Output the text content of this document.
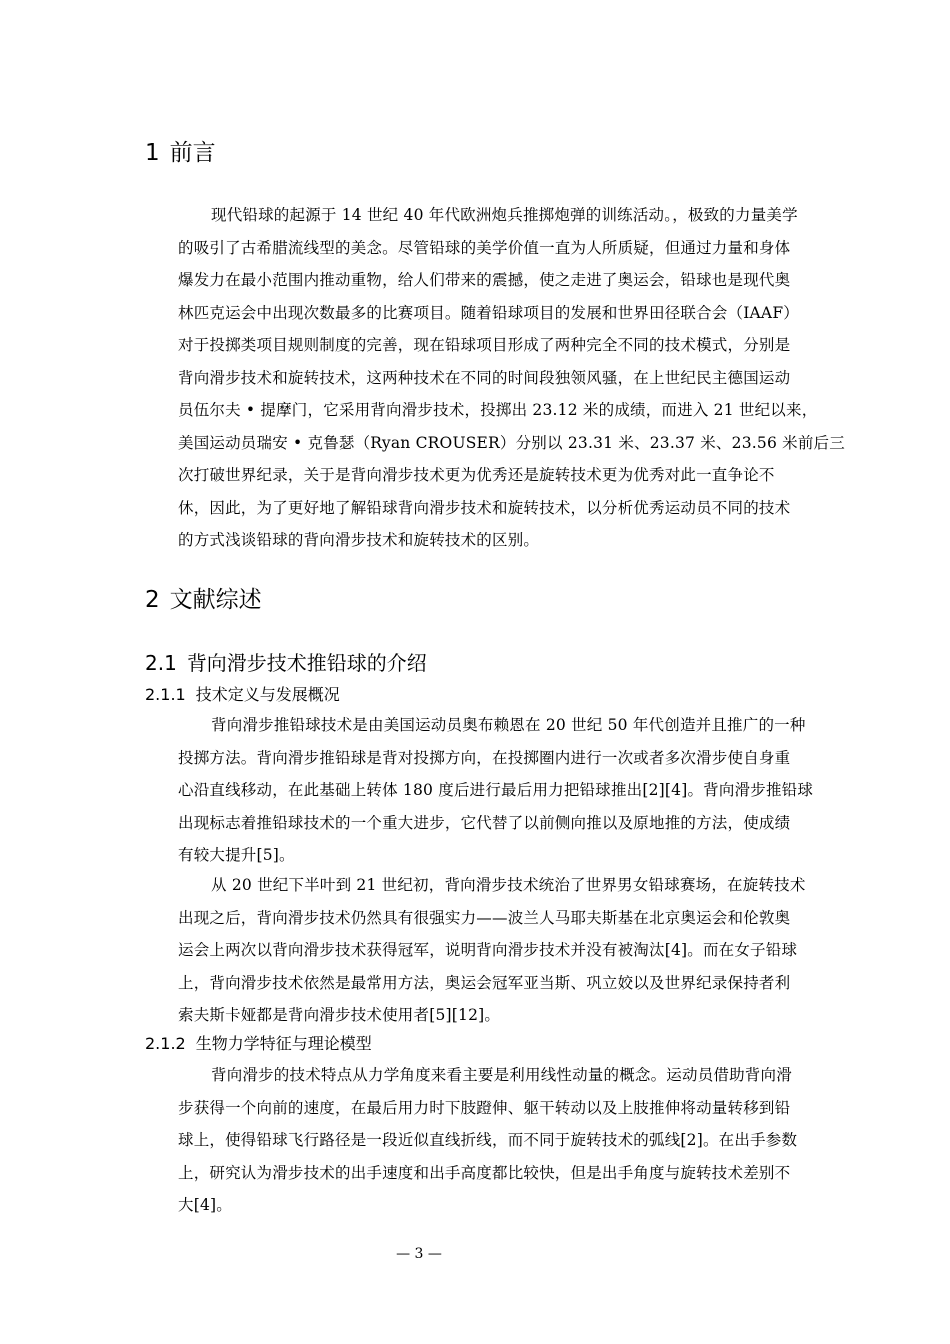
1 前言

现代铅球的起源于 14 世纪 40 年代欧洲炮兵推掷炮弹的训练活动。，极致的力量美学
的吸引了古希腊流线型的美念。尽管铅球的美学价值一直为人所质疑，但通过力量和身体
爆发力在最小范围内推动重物，给人们带来的震撼，使之走进了奥运会，铅球也是现代奥
林匹克运会中出现次数最多的比赛项目。随着铅球项目的发展和世界田径联合会（IAAF）
对于投掷类项目规则制度的完善，现在铅球项目形成了两种完全不同的技术模式，分别是
背向滑步技术和旋转技术，这两种技术在不同的时间段独领风骚，在上世纪民主德国运动
员伍尔夫 • 提摩门，它采用背向滑步技术，投掷出 23.12 米的成绩，而进入 21 世纪以来，
美国运动员瑞安 • 克鲁瑟（Ryan CROUSER）分别以 23.31 米、23.37 米、23.56 米前后三
次打破世界纪录，关于是背向滑步技术更为优秀还是旋转技术更为优秀对此一直争论不
休，因此，为了更好地了解铅球背向滑步技术和旋转技术，以分析优秀运动员不同的技术
的方式浅谈铅球的背向滑步技术和旋转技术的区别。

2 文献综述
2.1 背向滑步技术推铅球的介绍
2.1.1 技术定义与发展概况

背向滑步推铅球技术是由美国运动员奥布赖恩在 20 世纪 50 年代创造并且推广的一种
投掷方法。背向滑步推铅球是背对投掷方向，在投掷圈内进行一次或者多次滑步使自身重
心沿直线移动，在此基础上转体 180 度后进行最后用力把铅球推出[2][4]。背向滑步推铅球
出现标志着推铅球技术的一个重大进步，它代替了以前侧向推以及原地推的方法，使成绩
有较大提升[5]。

从 20 世纪下半叶到 21 世纪初，背向滑步技术统治了世界男女铅球赛场，在旋转技术
出现之后，背向滑步技术仍然具有很强实力——波兰人马耶夫斯基在北京奥运会和伦敦奥
运会上两次以背向滑步技术获得冠军，说明背向滑步技术并没有被淘汰[4]。而在女子铅球
上，背向滑步技术依然是最常用方法，奥运会冠军亚当斯、巩立姣以及世界纪录保持者利
索夫斯卡娅都是背向滑步技术使用者[5][12]。

2.1.2 生物力学特征与理论模型

背向滑步的技术特点从力学角度来看主要是利用线性动量的概念。运动员借助背向滑
步获得一个向前的速度，在最后用力时下肢蹬伸、躯干转动以及上肢推伸将动量转移到铅
球上，使得铅球飞行路径是一段近似直线折线，而不同于旋转技术的弧线[2]。在出手参数
上，研究认为滑步技术的出手速度和出手高度都比较快，但是出手角度与旋转技术差别不
大[4]。

— 3 —
